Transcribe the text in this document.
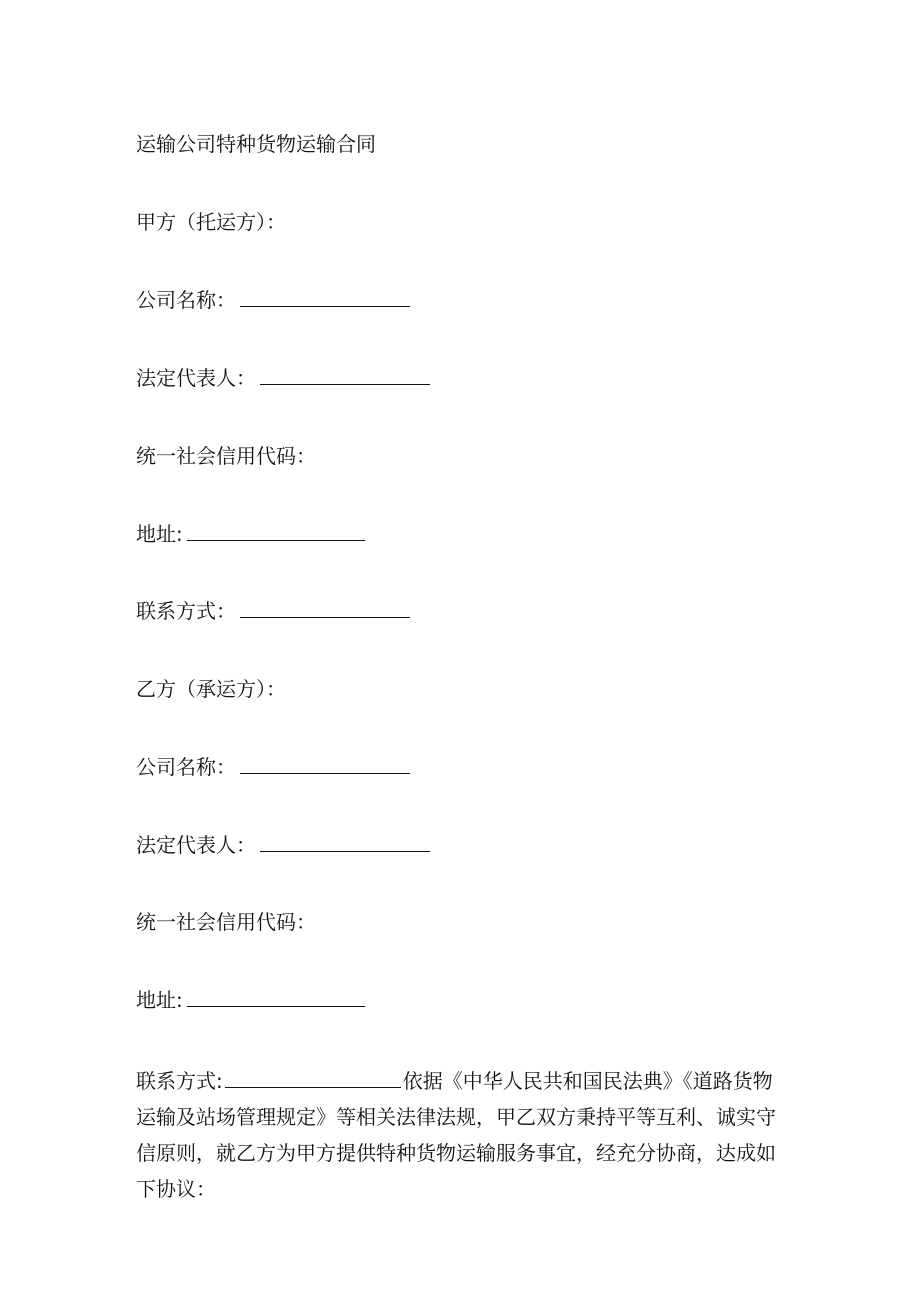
运输公司特种货物运输合同
甲方（托运方）：
公司名称：
法定代表人：
统一社会信用代码：
地址:
联系方式：
乙方（承运方）：
公司名称：
法定代表人：
统一社会信用代码：
地址:
联系方式:	依据《中华人民共和国民法典》《道路货物运输及站场管理规定》等相关法律法规，甲乙双方秉持平等互利、诚实守信原则，就乙方为甲方提供特种货物运输服务事宜，经充分协商，达成如下协议：
